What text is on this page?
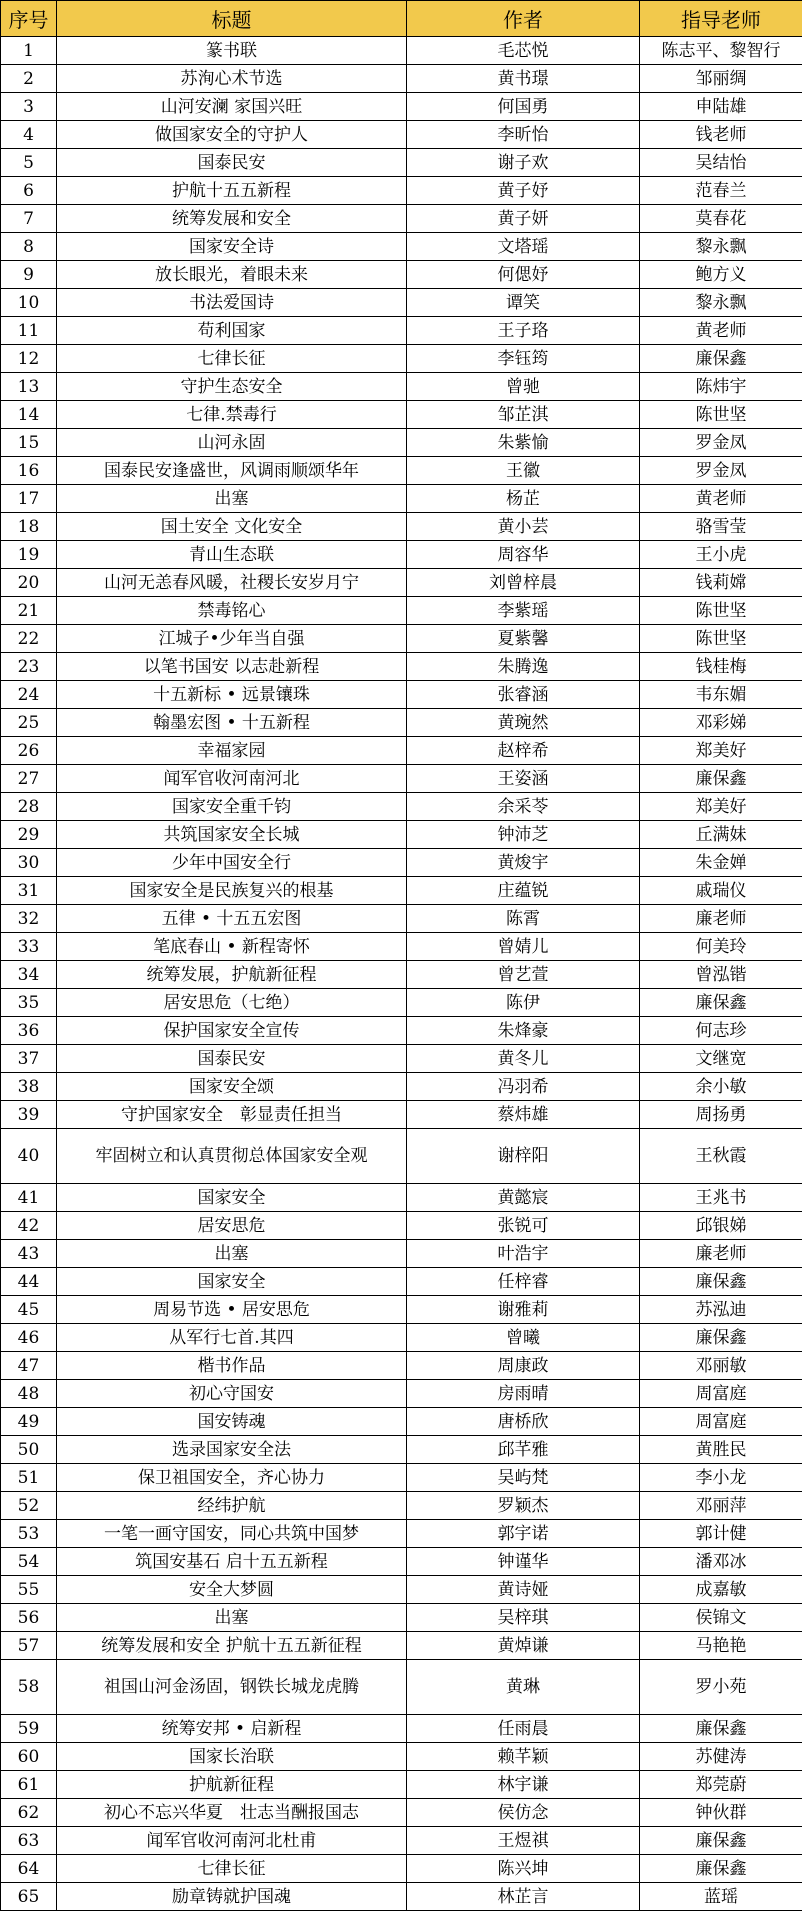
序号	标题	作者	指导老师
1	篆书联	毛芯悦	陈志平、黎智行
2	苏洵心术节选	黄书璟	邹丽绸
3	山河安澜 家国兴旺	何国勇	申陆雄
4	做国家安全的守护人	李昕怡	钱老师
5	国泰民安	谢子欢	吴结怡
6	护航十五五新程	黄子妤	范春兰
7	统筹发展和安全	黄子妍	莫春花
8	国家安全诗	文塔瑶	黎永飘
9	放长眼光，着眼未来	何偲妤	鲍方义
10	书法爱国诗	谭笑	黎永飘
11	苟利国家	王子珞	黄老师
12	七律长征	李钰筠	廉保鑫
13	守护生态安全	曾驰	陈炜宇
14	七律.禁毒行	邹芷淇	陈世坚
15	山河永固	朱紫愉	罗金凤
16	国泰民安逢盛世，风调雨顺颂华年	王徽	罗金凤
17	出塞	杨芷	黄老师
18	国土安全 文化安全	黄小芸	骆雪莹
19	青山生态联	周容华	王小虎
20	山河无恙春风暖，社稷长安岁月宁	刘曾梓晨	钱莉嫦
21	禁毒铭心	李紫瑶	陈世坚
22	江城子•少年当自强	夏紫馨	陈世坚
23	以笔书国安 以志赴新程	朱腾逸	钱桂梅
24	十五新标 • 远景镶珠	张睿涵	韦东媚
25	翰墨宏图 • 十五新程	黄琬然	邓彩娣
26	幸福家园	赵梓希	郑美好
27	闻军官收河南河北	王姿涵	廉保鑫
28	国家安全重千钧	余采苓	郑美好
29	共筑国家安全长城	钟沛芝	丘满妹
30	少年中国安全行	黄焌宇	朱金婵
31	国家安全是民族复兴的根基	庄蕴锐	戚瑞仪
32	五律 • 十五五宏图	陈霄	廉老师
33	笔底春山 • 新程寄怀	曾婧儿	何美玲
34	统筹发展，护航新征程	曾艺萱	曾泓锴
35	居安思危（七绝）	陈伊	廉保鑫
36	保护国家安全宣传	朱烽豪	何志珍
37	国泰民安	黄冬儿	文继宽
38	国家安全颂	冯羽希	余小敏
39	守护国家安全　彰显责任担当	蔡炜雄	周扬勇
40	牢固树立和认真贯彻总体国家安全观	谢梓阳	王秋霞
41	国家安全	黄懿宸	王兆书
42	居安思危	张锐可	邱银娣
43	出塞	叶浩宇	廉老师
44	国家安全	任梓睿	廉保鑫
45	周易节选 • 居安思危	谢雅莉	苏泓迪
46	从军行七首.其四	曾曦	廉保鑫
47	楷书作品	周康政	邓丽敏
48	初心守国安	房雨晴	周富庭
49	国安铸魂	唐桥欣	周富庭
50	选录国家安全法	邱芊雅	黄胜民
51	保卫祖国安全，齐心协力	吴屿梵	李小龙
52	经纬护航	罗颖杰	邓丽萍
53	一笔一画守国安，同心共筑中国梦	郭宇诺	郭计健
54	筑国安基石 启十五五新程	钟谨华	潘邓冰
55	安全大梦圆	黄诗娅	成嘉敏
56	出塞	吴梓琪	侯锦文
57	统筹发展和安全 护航十五五新征程	黄焯谦	马艳艳
58	祖国山河金汤固，钢铁长城龙虎腾	黄琳	罗小苑
59	统筹安邦 • 启新程	任雨晨	廉保鑫
60	国家长治联	赖芊颖	苏健涛
61	护航新征程	林宇谦	郑莞蔚
62	初心不忘兴华夏　壮志当酬报国志	侯仿念	钟伙群
63	闻军官收河南河北杜甫	王煜祺	廉保鑫
64	七律长征	陈兴坤	廉保鑫
65	励章铸就护国魂	林芷言	蓝瑶
